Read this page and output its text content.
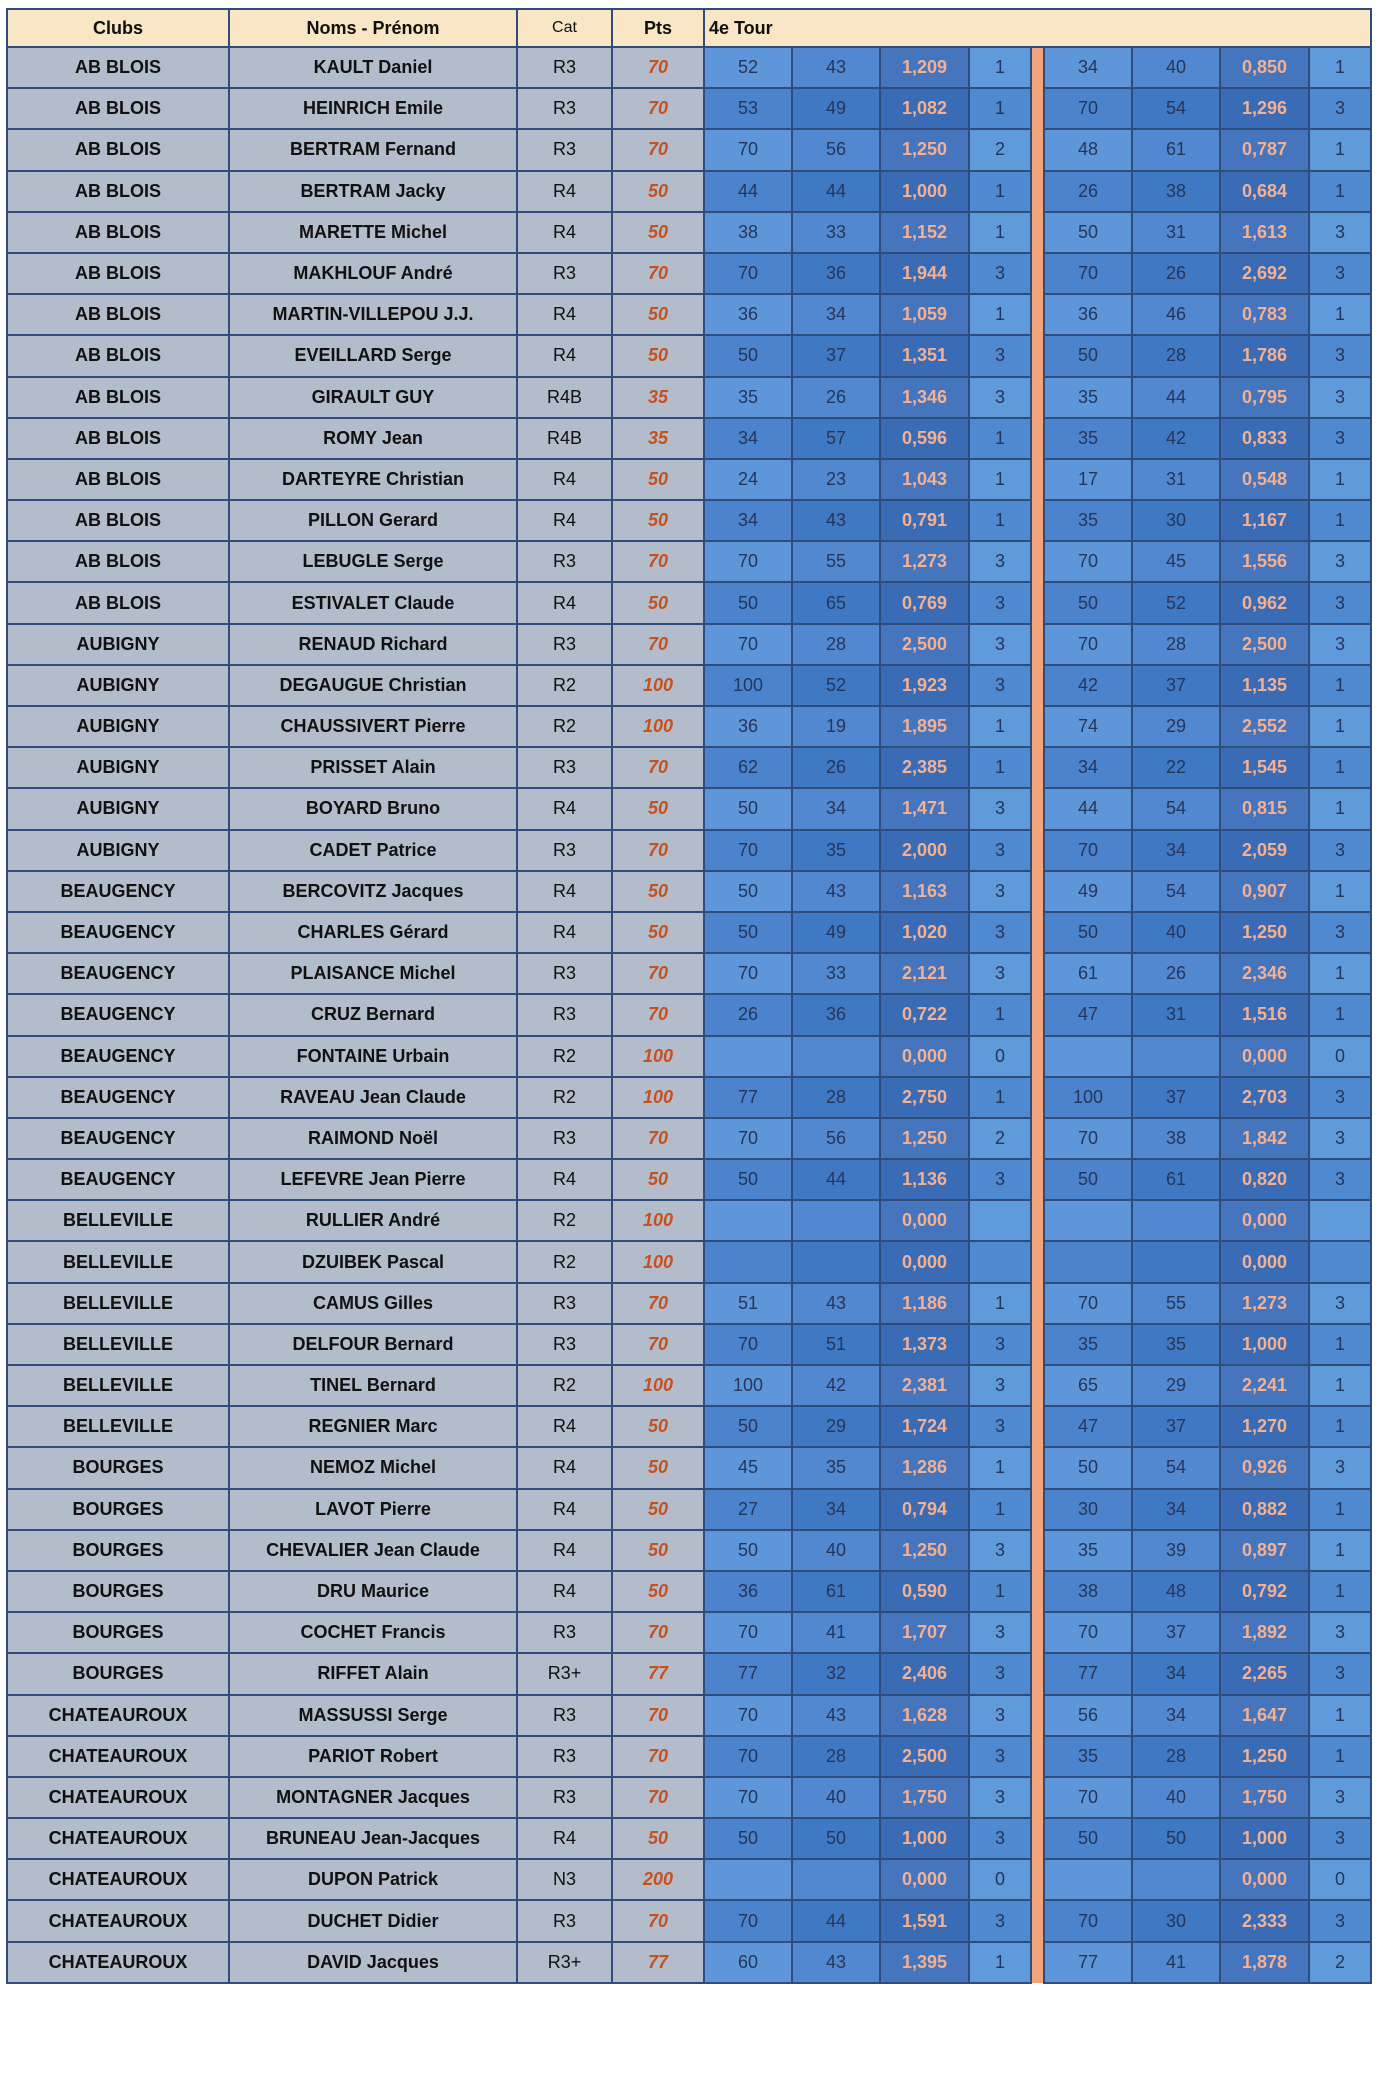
Clubs	Noms - Prénom	Cat	Pts	4e Tour								
AB BLOIS	KAULT Daniel	R3	70	52	43	1,209	1		34	40	0,850	1
AB BLOIS	HEINRICH Emile	R3	70	53	49	1,082	1		70	54	1,296	3
AB BLOIS	BERTRAM Fernand	R3	70	70	56	1,250	2		48	61	0,787	1
AB BLOIS	BERTRAM Jacky	R4	50	44	44	1,000	1		26	38	0,684	1
AB BLOIS	MARETTE Michel	R4	50	38	33	1,152	1		50	31	1,613	3
AB BLOIS	MAKHLOUF André	R3	70	70	36	1,944	3		70	26	2,692	3
AB BLOIS	MARTIN-VILLEPOU J.J.	R4	50	36	34	1,059	1		36	46	0,783	1
AB BLOIS	EVEILLARD Serge	R4	50	50	37	1,351	3		50	28	1,786	3
AB BLOIS	GIRAULT GUY	R4B	35	35	26	1,346	3		35	44	0,795	3
AB BLOIS	ROMY Jean	R4B	35	34	57	0,596	1		35	42	0,833	3
AB BLOIS	DARTEYRE Christian	R4	50	24	23	1,043	1		17	31	0,548	1
AB BLOIS	PILLON Gerard	R4	50	34	43	0,791	1		35	30	1,167	1
AB BLOIS	LEBUGLE Serge	R3	70	70	55	1,273	3		70	45	1,556	3
AB BLOIS	ESTIVALET Claude	R4	50	50	65	0,769	3		50	52	0,962	3
AUBIGNY	RENAUD Richard	R3	70	70	28	2,500	3		70	28	2,500	3
AUBIGNY	DEGAUGUE Christian	R2	100	100	52	1,923	3		42	37	1,135	1
AUBIGNY	CHAUSSIVERT Pierre	R2	100	36	19	1,895	1		74	29	2,552	1
AUBIGNY	PRISSET Alain	R3	70	62	26	2,385	1		34	22	1,545	1
AUBIGNY	BOYARD Bruno	R4	50	50	34	1,471	3		44	54	0,815	1
AUBIGNY	CADET Patrice	R3	70	70	35	2,000	3		70	34	2,059	3
BEAUGENCY	BERCOVITZ Jacques	R4	50	50	43	1,163	3		49	54	0,907	1
BEAUGENCY	CHARLES Gérard	R4	50	50	49	1,020	3		50	40	1,250	3
BEAUGENCY	PLAISANCE Michel	R3	70	70	33	2,121	3		61	26	2,346	1
BEAUGENCY	CRUZ Bernard	R3	70	26	36	0,722	1		47	31	1,516	1
BEAUGENCY	FONTAINE Urbain	R2	100			0,000	0				0,000	0
BEAUGENCY	RAVEAU Jean Claude	R2	100	77	28	2,750	1		100	37	2,703	3
BEAUGENCY	RAIMOND Noël	R3	70	70	56	1,250	2		70	38	1,842	3
BEAUGENCY	LEFEVRE Jean Pierre	R4	50	50	44	1,136	3		50	61	0,820	3
BELLEVILLE	RULLIER André	R2	100			0,000					0,000	
BELLEVILLE	DZUIBEK Pascal	R2	100			0,000					0,000	
BELLEVILLE	CAMUS Gilles	R3	70	51	43	1,186	1		70	55	1,273	3
BELLEVILLE	DELFOUR Bernard	R3	70	70	51	1,373	3		35	35	1,000	1
BELLEVILLE	TINEL Bernard	R2	100	100	42	2,381	3		65	29	2,241	1
BELLEVILLE	REGNIER Marc	R4	50	50	29	1,724	3		47	37	1,270	1
BOURGES	NEMOZ Michel	R4	50	45	35	1,286	1		50	54	0,926	3
BOURGES	LAVOT Pierre	R4	50	27	34	0,794	1		30	34	0,882	1
BOURGES	CHEVALIER Jean Claude	R4	50	50	40	1,250	3		35	39	0,897	1
BOURGES	DRU Maurice	R4	50	36	61	0,590	1		38	48	0,792	1
BOURGES	COCHET Francis	R3	70	70	41	1,707	3		70	37	1,892	3
BOURGES	RIFFET Alain	R3+	77	77	32	2,406	3		77	34	2,265	3
CHATEAUROUX	MASSUSSI Serge	R3	70	70	43	1,628	3		56	34	1,647	1
CHATEAUROUX	PARIOT Robert	R3	70	70	28	2,500	3		35	28	1,250	1
CHATEAUROUX	MONTAGNER Jacques	R3	70	70	40	1,750	3		70	40	1,750	3
CHATEAUROUX	BRUNEAU Jean-Jacques	R4	50	50	50	1,000	3		50	50	1,000	3
CHATEAUROUX	DUPON Patrick	N3	200			0,000	0				0,000	0
CHATEAUROUX	DUCHET Didier	R3	70	70	44	1,591	3		70	30	2,333	3
CHATEAUROUX	DAVID Jacques	R3+	77	60	43	1,395	1		77	41	1,878	2
